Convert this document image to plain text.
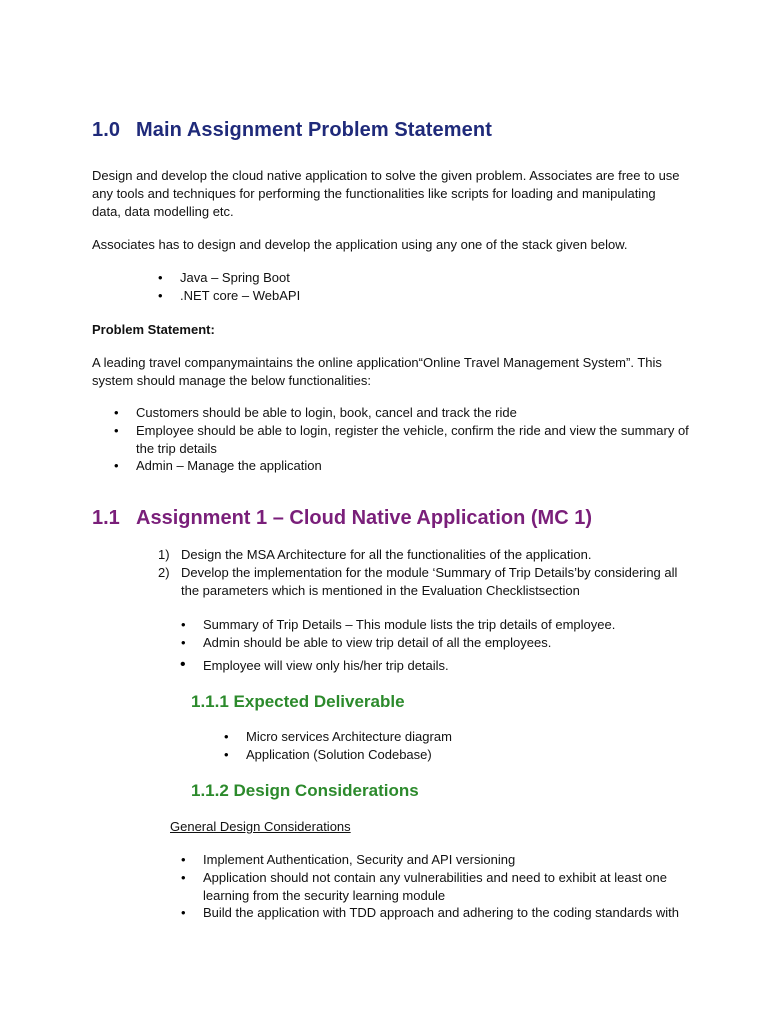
1.0 Main Assignment Problem Statement
Design and develop the cloud native application to solve the given problem. Associates are free to use
any tools and techniques for performing the functionalities like scripts for loading and manipulating
data, data modelling etc.
Associates has to design and develop the application using any one of the stack given below.
• Java – Spring Boot
• .NET core – WebAPI
Problem Statement:
A leading travel companymaintains the online application“Online Travel Management System”. This
system should manage the below functionalities:
• Customers should be able to login, book, cancel and track the ride
• Employee should be able to login, register the vehicle, confirm the ride and view the summary of
the trip details
• Admin – Manage the application
1.1 Assignment 1 – Cloud Native Application (MC 1)
1) Design the MSA Architecture for all the functionalities of the application.
2) Develop the implementation for the module ‘Summary of Trip Details’by considering all
the parameters which is mentioned in the Evaluation Checklistsection
• Summary of Trip Details – This module lists the trip details of employee.
• Admin should be able to view trip detail of all the employees.
• Employee will view only his/her trip details.
1.1.1 Expected Deliverable
• Micro services Architecture diagram
• Application (Solution Codebase)
1.1.2 Design Considerations
General Design Considerations
• Implement Authentication, Security and API versioning
• Application should not contain any vulnerabilities and need to exhibit at least one
learning from the security learning module
• Build the application with TDD approach and adhering to the coding standards with
